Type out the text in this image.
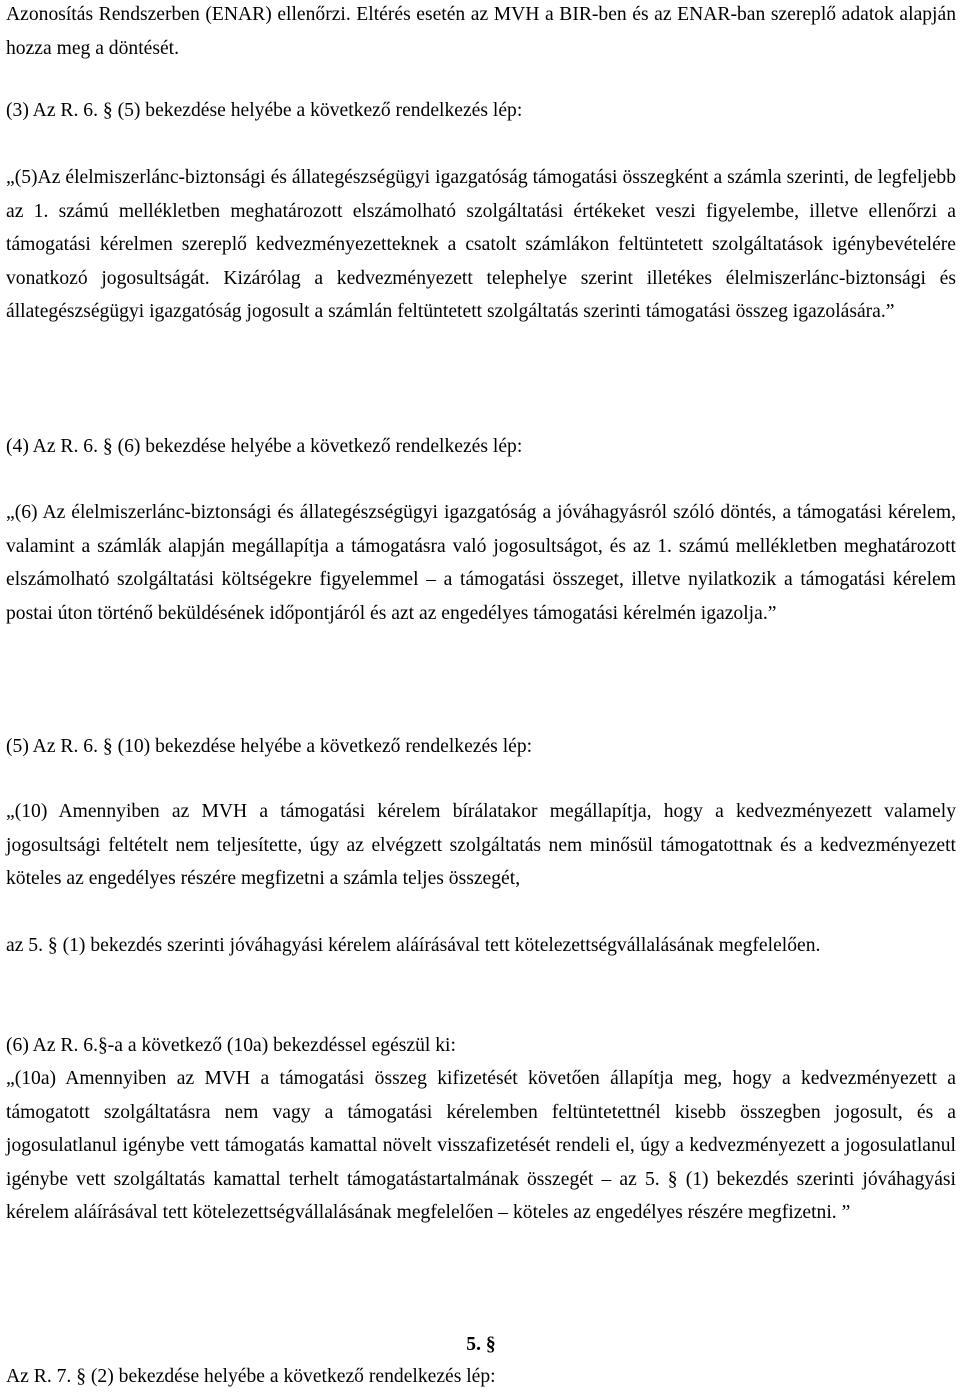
Azonosítás Rendszerben (ENAR) ellenőrzi. Eltérés esetén az MVH a BIR-ben és az ENAR-ban szereplő adatok alapján hozza meg a döntését.

(3) Az R. 6. § (5) bekezdése helyébe a következő rendelkezés lép:

„(5)Az élelmiszerlánc-biztonsági és állategészségügyi igazgatóság támogatási összegként a számla szerinti, de legfeljebb az 1. számú mellékletben meghatározott elszámolható szolgáltatási értékeket veszi figyelembe, illetve ellenőrzi a támogatási kérelmen szereplő kedvezményezetteknek a csatolt számlákon feltüntetett szolgáltatások igénybevételére vonatkozó jogosultságát. Kizárólag a kedvezményezett telephelye szerint illetékes élelmiszerlánc-biztonsági és állategészségügyi igazgatóság jogosult a számlán feltüntetett szolgáltatás szerinti támogatási összeg igazolására.”

(4) Az R. 6. § (6) bekezdése helyébe a következő rendelkezés lép:

„(6) Az élelmiszerlánc-biztonsági és állategészségügyi igazgatóság a jóváhagyásról szóló döntés, a támogatási kérelem, valamint a számlák alapján megállapítja a támogatásra való jogosultságot, és az 1. számú mellékletben meghatározott elszámolható szolgáltatási költségekre figyelemmel – a támogatási összeget, illetve nyilatkozik a támogatási kérelem postai úton történő beküldésének időpontjáról és azt az engedélyes támogatási kérelmén igazolja.”

(5) Az R. 6. § (10) bekezdése helyébe a következő rendelkezés lép:

„(10) Amennyiben az MVH a támogatási kérelem bírálatakor megállapítja, hogy a kedvezményezett valamely jogosultsági feltételt nem teljesítette, úgy az elvégzett szolgáltatás nem minősül támogatottnak és a kedvezményezett köteles az engedélyes részére megfizetni a számla teljes összegét,

az 5. § (1) bekezdés szerinti jóváhagyási kérelem aláírásával tett kötelezettségvállalásának megfelelően.

(6) Az R. 6.§-a a következő (10a) bekezdéssel egészül ki:

„(10a) Amennyiben az MVH a támogatási összeg kifizetését követően állapítja meg, hogy a kedvezményezett a támogatott szolgáltatásra nem vagy a támogatási kérelemben feltüntetettnél kisebb összegben jogosult, és a jogosulatlanul igénybe vett támogatás kamattal növelt visszafizetését rendeli el, úgy a kedvezményezett a jogosulatlanul igénybe vett szolgáltatás kamattal terhelt támogatástartalmának összegét – az 5. § (1) bekezdés szerinti jóváhagyási kérelem aláírásával tett kötelezettségvállalásának megfelelően – köteles az engedélyes részére megfizetni. ”

5. §

Az R. 7. § (2) bekezdése helyébe a következő rendelkezés lép:
